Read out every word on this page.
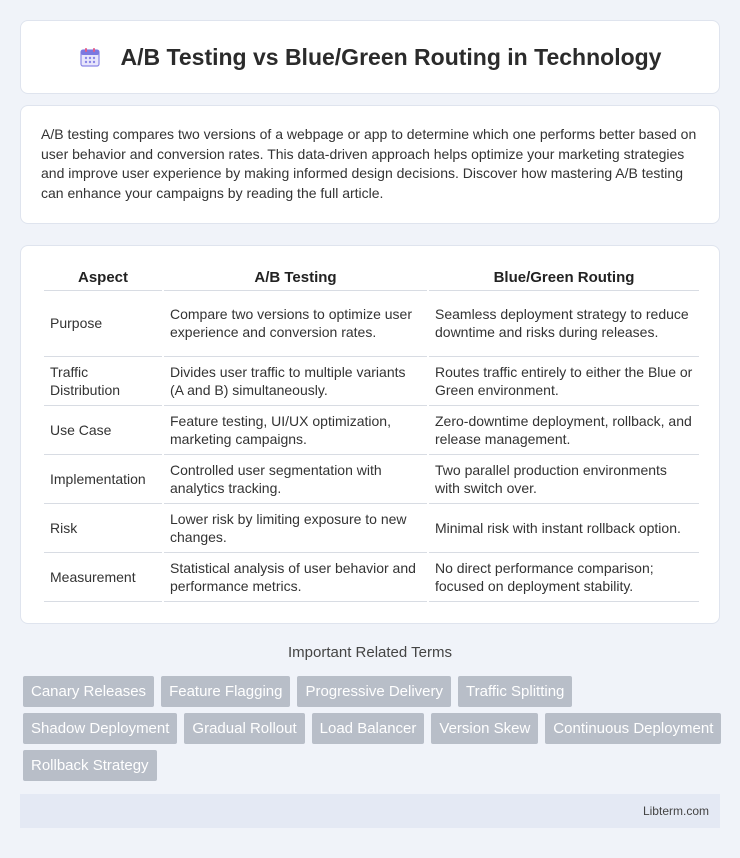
A/B Testing vs Blue/Green Routing in Technology

A/B testing compares two versions of a webpage or app to determine which one performs better based on user behavior and conversion rates. This data-driven approach helps optimize your marketing strategies and improve user experience by making informed design decisions. Discover how mastering A/B testing can enhance your campaigns by reading the full article.

Aspect	A/B Testing	Blue/Green Routing
Purpose	Compare two versions to optimize user experience and conversion rates.	Seamless deployment strategy to reduce downtime and risks during releases.
Traffic Distribution	Divides user traffic to multiple variants (A and B) simultaneously.	Routes traffic entirely to either the Blue or Green environment.
Use Case	Feature testing, UI/UX optimization, marketing campaigns.	Zero-downtime deployment, rollback, and release management.
Implementation	Controlled user segmentation with analytics tracking.	Two parallel production environments with switch over.
Risk	Lower risk by limiting exposure to new changes.	Minimal risk with instant rollback option.
Measurement	Statistical analysis of user behavior and performance metrics.	No direct performance comparison; focused on deployment stability.
Important Related Terms
Canary Releases	Feature Flagging	Progressive Delivery	Traffic Splitting
Shadow Deployment	Gradual Rollout	Load Balancer	Version Skew	Continuous Deployment
Rollback Strategy
Libterm.com
